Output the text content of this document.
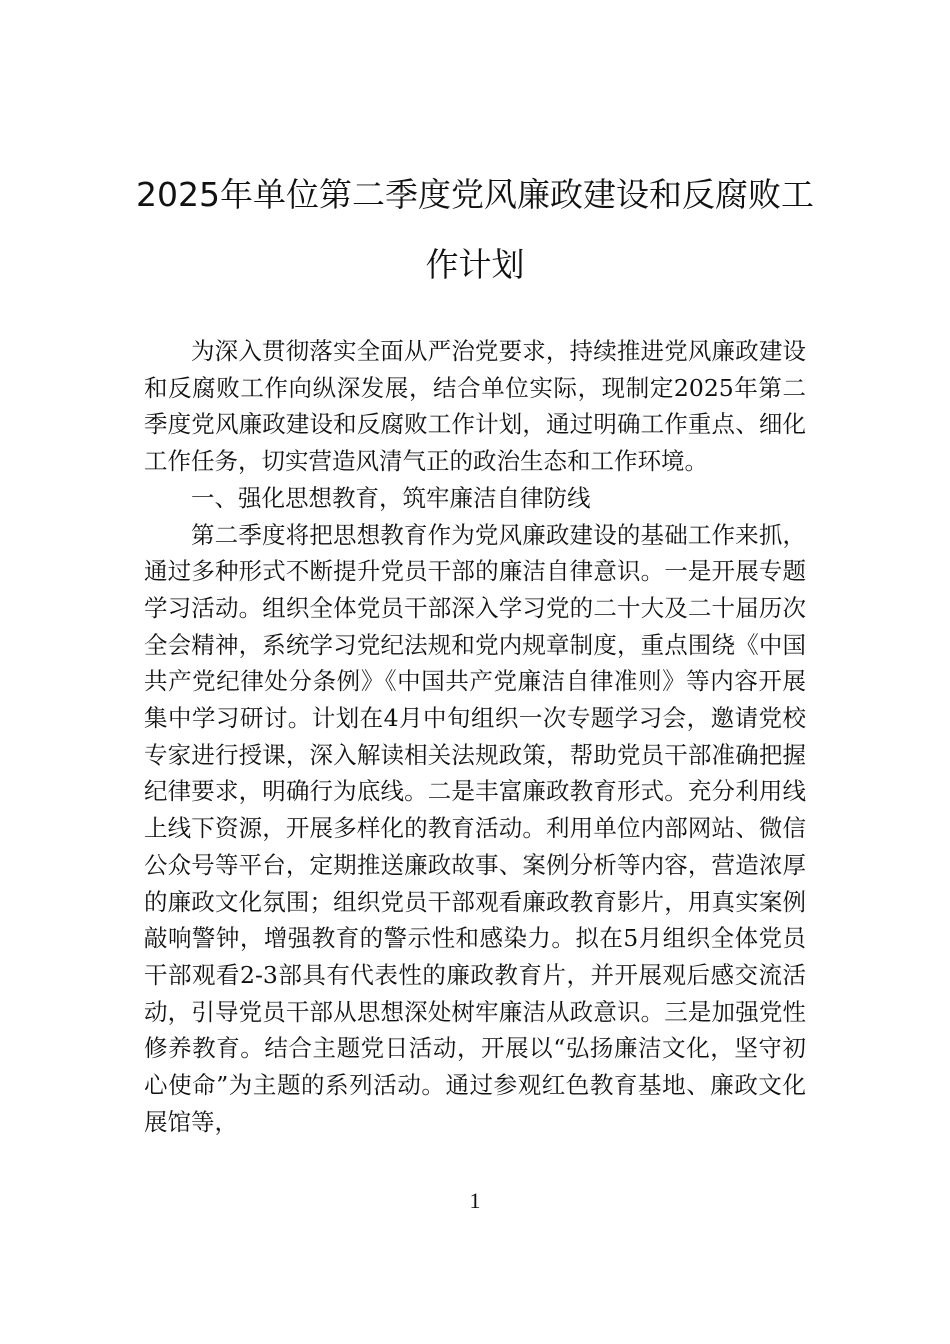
2025年单位第二季度党风廉政建设和反腐败工作计划

为深入贯彻落实全面从严治党要求，持续推进党风廉政建设和反腐败工作向纵深发展，结合单位实际，现制定2025年第二季度党风廉政建设和反腐败工作计划，通过明确工作重点、细化工作任务，切实营造风清气正的政治生态和工作环境。

一、强化思想教育，筑牢廉洁自律防线

第二季度将把思想教育作为党风廉政建设的基础工作来抓，通过多种形式不断提升党员干部的廉洁自律意识。一是开展专题学习活动。组织全体党员干部深入学习党的二十大及二十届历次全会精神，系统学习党纪法规和党内规章制度，重点围绕《中国共产党纪律处分条例》《中国共产党廉洁自律准则》等内容开展集中学习研讨。计划在4月中旬组织一次专题学习会，邀请党校专家进行授课，深入解读相关法规政策，帮助党员干部准确把握纪律要求，明确行为底线。二是丰富廉政教育形式。充分利用线上线下资源，开展多样化的教育活动。利用单位内部网站、微信公众号等平台，定期推送廉政故事、案例分析等内容，营造浓厚的廉政文化氛围；组织党员干部观看廉政教育影片，用真实案例敲响警钟，增强教育的警示性和感染力。拟在5月组织全体党员干部观看2-3部具有代表性的廉政教育片，并开展观后感交流活动，引导党员干部从思想深处树牢廉洁从政意识。三是加强党性修养教育。结合主题党日活动，开展以“弘扬廉洁文化，坚守初心使命”为主题的系列活动。通过参观红色教育基地、廉政文化展馆等，

1
